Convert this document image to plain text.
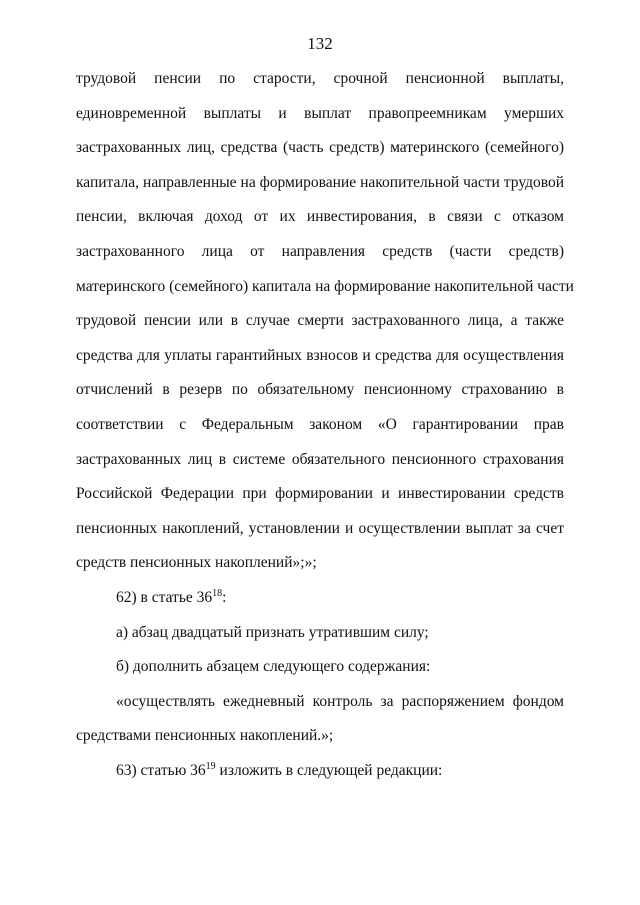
132
трудовой пенсии по старости, срочной пенсионной выплаты,
единовременной выплаты и выплат правопреемникам умерших
застрахованных лиц, средства (часть средств) материнского (семейного)
капитала, направленные на формирование накопительной части трудовой
пенсии, включая доход от их инвестирования, в связи с отказом
застрахованного лица от направления средств (части средств)
материнского (семейного) капитала на формирование накопительной части
трудовой пенсии или в случае смерти застрахованного лица, а также
средства для уплаты гарантийных взносов и средства для осуществления
отчислений в резерв по обязательному пенсионному страхованию в
соответствии с Федеральным законом «О гарантировании прав
застрахованных лиц в системе обязательного пенсионного страхования
Российской Федерации при формировании и инвестировании средств
пенсионных накоплений, установлении и осуществлении выплат за счет
средств пенсионных накоплений»;»;
62) в статье $36^{18}$:
а) абзац двадцатый признать утратившим силу;
б) дополнить абзацем следующего содержания:
«осуществлять ежедневный контроль за распоряжением фондом
средствами пенсионных накоплений.»;
63) статью $36^{19}$ изложить в следующей редакции:
